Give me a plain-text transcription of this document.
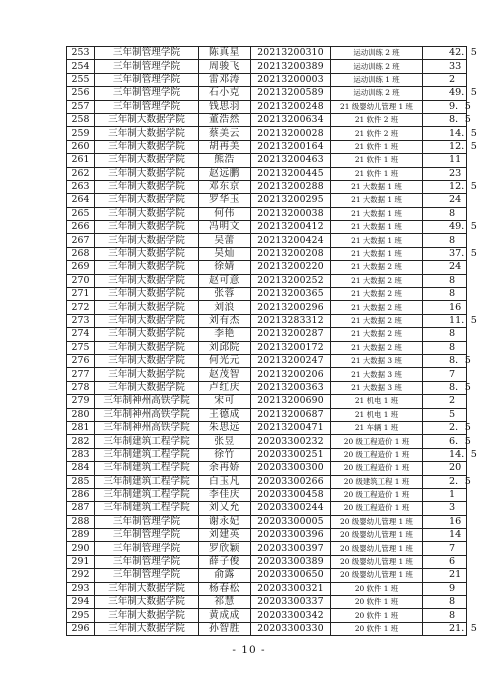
253	三年制管理学院	陈真星	20213200310	运动训练 2 班	42．5
254	三年制管理学院	周骏飞	20213200389	运动训练 2 班	33
255	三年制管理学院	雷邓涛	20213200003	运动训练 1 班	2
256	三年制管理学院	石小克	20213200589	运动训练 2 班	49．5
257	三年制管理学院	钱思羽	20213200248	21 级婴幼儿管理 1 班	9．5
258	三年制大数据学院	董浩然	20213200634	21 软件 2 班	8．5
259	三年制大数据学院	蔡美云	20213200028	21 软件 2 班	14．5
260	三年制大数据学院	胡再美	20213200164	21 软件 1 班	12．5
261	三年制大数据学院	熊浩	20213200463	21 软件 1 班	11
262	三年制大数据学院	赵远鹏	20213200445	21 软件 1 班	23
263	三年制大数据学院	邓东京	20213200288	21 大数据 1 班	12．5
264	三年制大数据学院	罗华玉	20213200295	21 大数据 1 班	24
265	三年制大数据学院	何伟	20213200038	21 大数据 1 班	8
266	三年制大数据学院	冯明文	20213200412	21 大数据 1 班	49．5
267	三年制大数据学院	吴蕾	20213200424	21 大数据 1 班	8
268	三年制大数据学院	吴灿	20213200208	21 大数据 1 班	37．5
269	三年制大数据学院	徐婧	20213200220	21 大数据 2 班	24
270	三年制大数据学院	赵可意	20213200252	21 大数据 2 班	8
271	三年制大数据学院	张蓉	20213200365	21 大数据 2 班	8
272	三年制大数据学院	刘浪	20213200296	21 大数据 2 班	16
273	三年制大数据学院	刘有杰	20213283312	21 大数据 2 班	11．5
274	三年制大数据学院	李艳	20213200287	21 大数据 2 班	8
275	三年制大数据学院	刘邱院	20213200172	21 大数据 2 班	8
276	三年制大数据学院	何光元	20213200247	21 大数据 3 班	8．5
277	三年制大数据学院	赵茂智	20213200206	21 大数据 3 班	7
278	三年制大数据学院	卢红庆	20213200363	21 大数据 3 班	8．5
279	三年制神州高铁学院	宋可	20213200690	21 机电 1 班	2
280	三年制神州高铁学院	王德成	20213200687	21 机电 1 班	5
281	三年制神州高铁学院	朱思远	20213200471	21 车辆 1 班	2．5
282	三年制建筑工程学院	张昱	20203300232	20 级工程造价 1 班	6．5
283	三年制建筑工程学院	徐竹	20203300251	20 级工程造价 1 班	14．5
284	三年制建筑工程学院	余再娇	20203300300	20 级工程造价 1 班	20
285	三年制建筑工程学院	白玉凡	20203300266	20 级建筑工程 1 班	2．5
286	三年制建筑工程学院	李佳庆	20203300458	20 级工程造价 1 班	1
287	三年制建筑工程学院	刘乂允	20203300244	20 级工程造价 1 班	3
288	三年制管理学院	谢永妃	20203300005	20 级婴幼儿管理 1 班	16
289	三年制管理学院	刘建英	20203300396	20 级婴幼儿管理 1 班	14
290	三年制管理学院	罗欣颖	20203300397	20 级婴幼儿管理 1 班	7
291	三年制管理学院	薛子俊	20203300389	20 级婴幼儿管理 1 班	6
292	三年制管理学院	俞露	20203300650	20 级婴幼儿管理 1 班	21
293	三年制大数据学院	杨春松	20203300321	20 软件 1 班	9
294	三年制大数据学院	祁慧	20203300337	20 软件 1 班	8
295	三年制大数据学院	黄成成	20203300342	20 软件 1 班	8
296	三年制大数据学院	孙智胜	20203300330	20 软件 1 班	21．5
- 10 -
